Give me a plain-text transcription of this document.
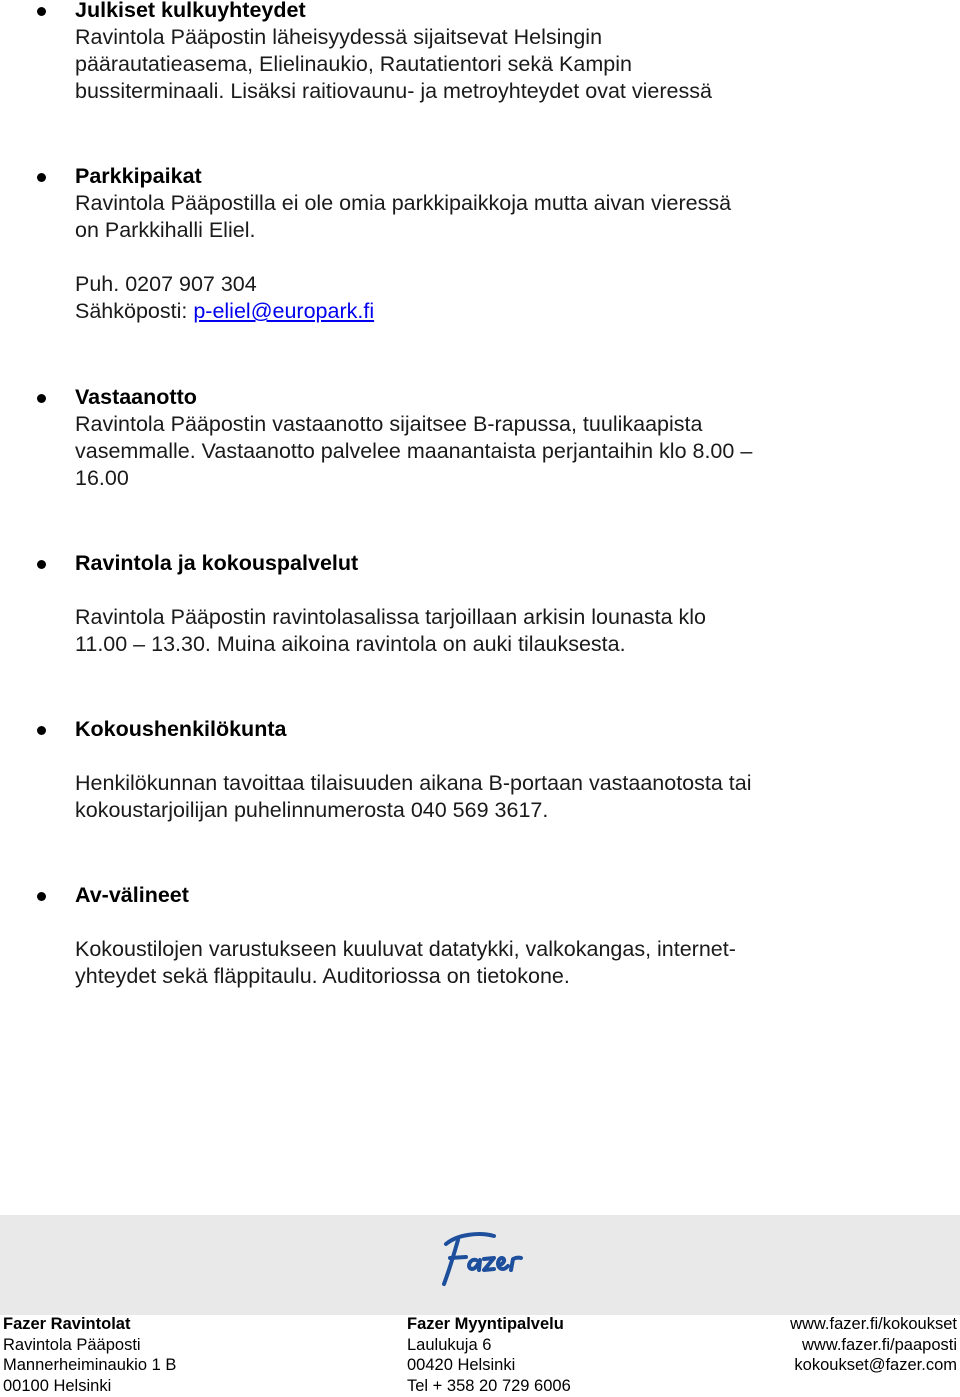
Julkiset kulkuyhteydet
Ravintola Pääpostin läheisyydessä sijaitsevat Helsingin
päärautatieasema, Elielinaukio, Rautatientori sekä Kampin
bussiterminaali. Lisäksi raitiovaunu- ja metroyhteydet ovat vieressä
Parkkipaikat
Ravintola Pääpostilla ei ole omia parkkipaikkoja mutta aivan vieressä
on Parkkihalli Eliel.
Puh. 0207 907 304
Sähköposti: p-eliel@europark.fi
Vastaanotto
Ravintola Pääpostin vastaanotto sijaitsee B-rapussa, tuulikaapista
vasemmalle. Vastaanotto palvelee maanantaista perjantaihin klo 8.00 –
16.00
Ravintola ja kokouspalvelut
Ravintola Pääpostin ravintolasalissa tarjoillaan arkisin lounasta klo
11.00 – 13.30. Muina aikoina ravintola on auki tilauksesta.
Kokoushenkilökunta
Henkilökunnan tavoittaa tilaisuuden aikana B-portaan vastaanotosta tai
kokoustarjoilijan puhelinnumerosta 040 569 3617.
Av-välineet
Kokoustilojen varustukseen kuuluvat datatykki, valkokangas, internet-
yhteydet sekä fläppitaulu. Auditoriossa on tietokone.
Fazer Ravintolat
Ravintola Pääposti
Mannerheiminaukio 1 B
00100 Helsinki
Fazer Myyntipalvelu
Laulukuja 6
00420 Helsinki
Tel + 358 20 729 6006
www.fazer.fi/kokoukset
www.fazer.fi/paaposti
kokoukset@fazer.com
